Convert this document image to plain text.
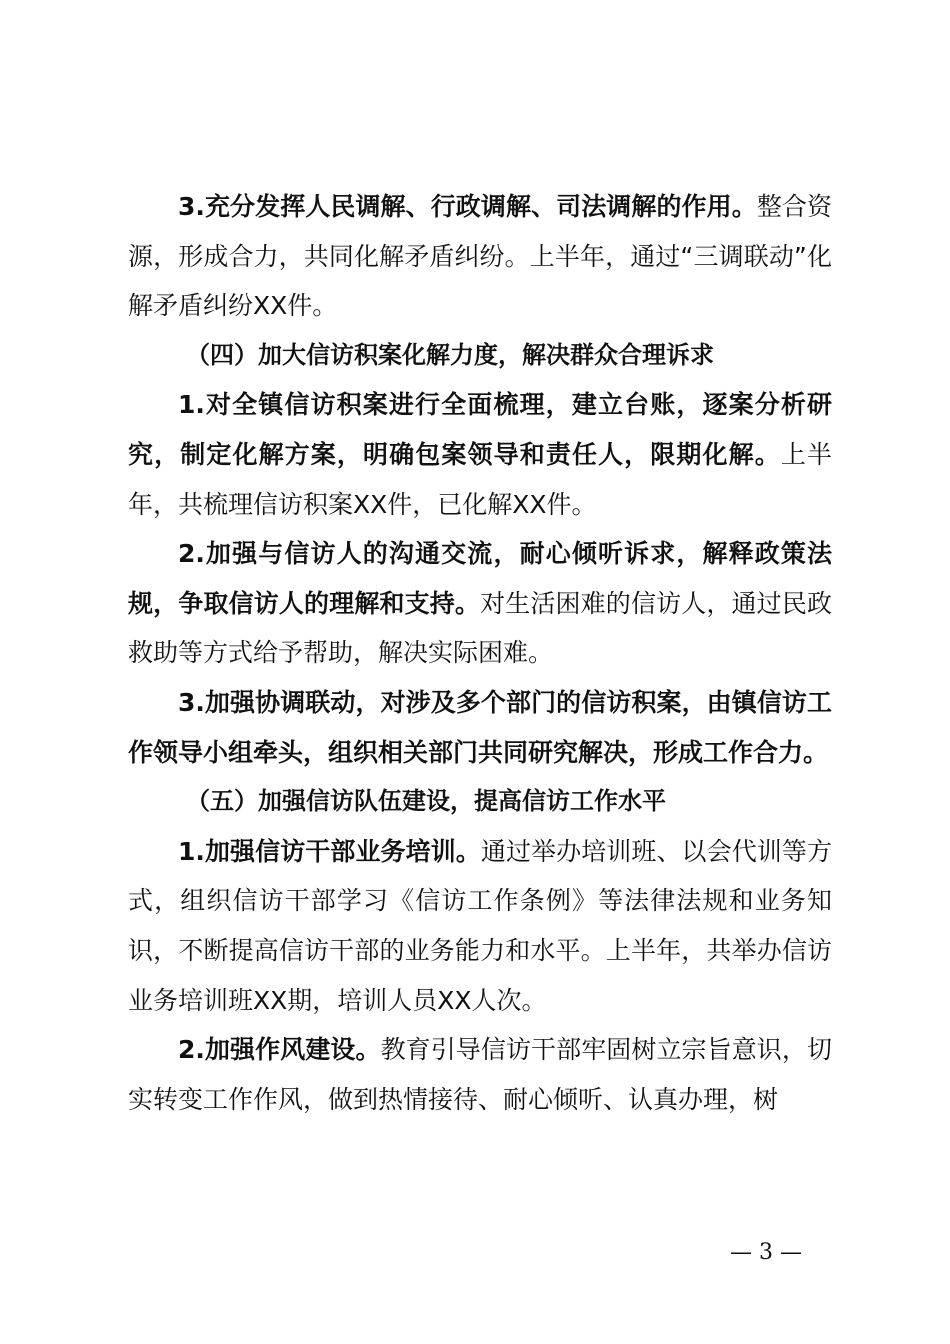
3.充分发挥人民调解、行政调解、司法调解的作用。整合资源，形成合力，共同化解矛盾纠纷。上半年，通过“三调联动”化解矛盾纠纷XX件。

（四）加大信访积案化解力度，解决群众合理诉求

1.对全镇信访积案进行全面梳理，建立台账，逐案分析研究，制定化解方案，明确包案领导和责任人，限期化解。上半年，共梳理信访积案XX件，已化解XX件。

2.加强与信访人的沟通交流，耐心倾听诉求，解释政策法规，争取信访人的理解和支持。对生活困难的信访人，通过民政救助等方式给予帮助，解决实际困难。

3.加强协调联动，对涉及多个部门的信访积案，由镇信访工作领导小组牵头，组织相关部门共同研究解决，形成工作合力。

（五）加强信访队伍建设，提高信访工作水平

1.加强信访干部业务培训。通过举办培训班、以会代训等方式，组织信访干部学习《信访工作条例》等法律法规和业务知识，不断提高信访干部的业务能力和水平。上半年，共举办信访业务培训班XX期，培训人员XX人次。

2.加强作风建设。教育引导信访干部牢固树立宗旨意识，切实转变工作作风，做到热情接待、耐心倾听、认真办理，树

— 3 —
